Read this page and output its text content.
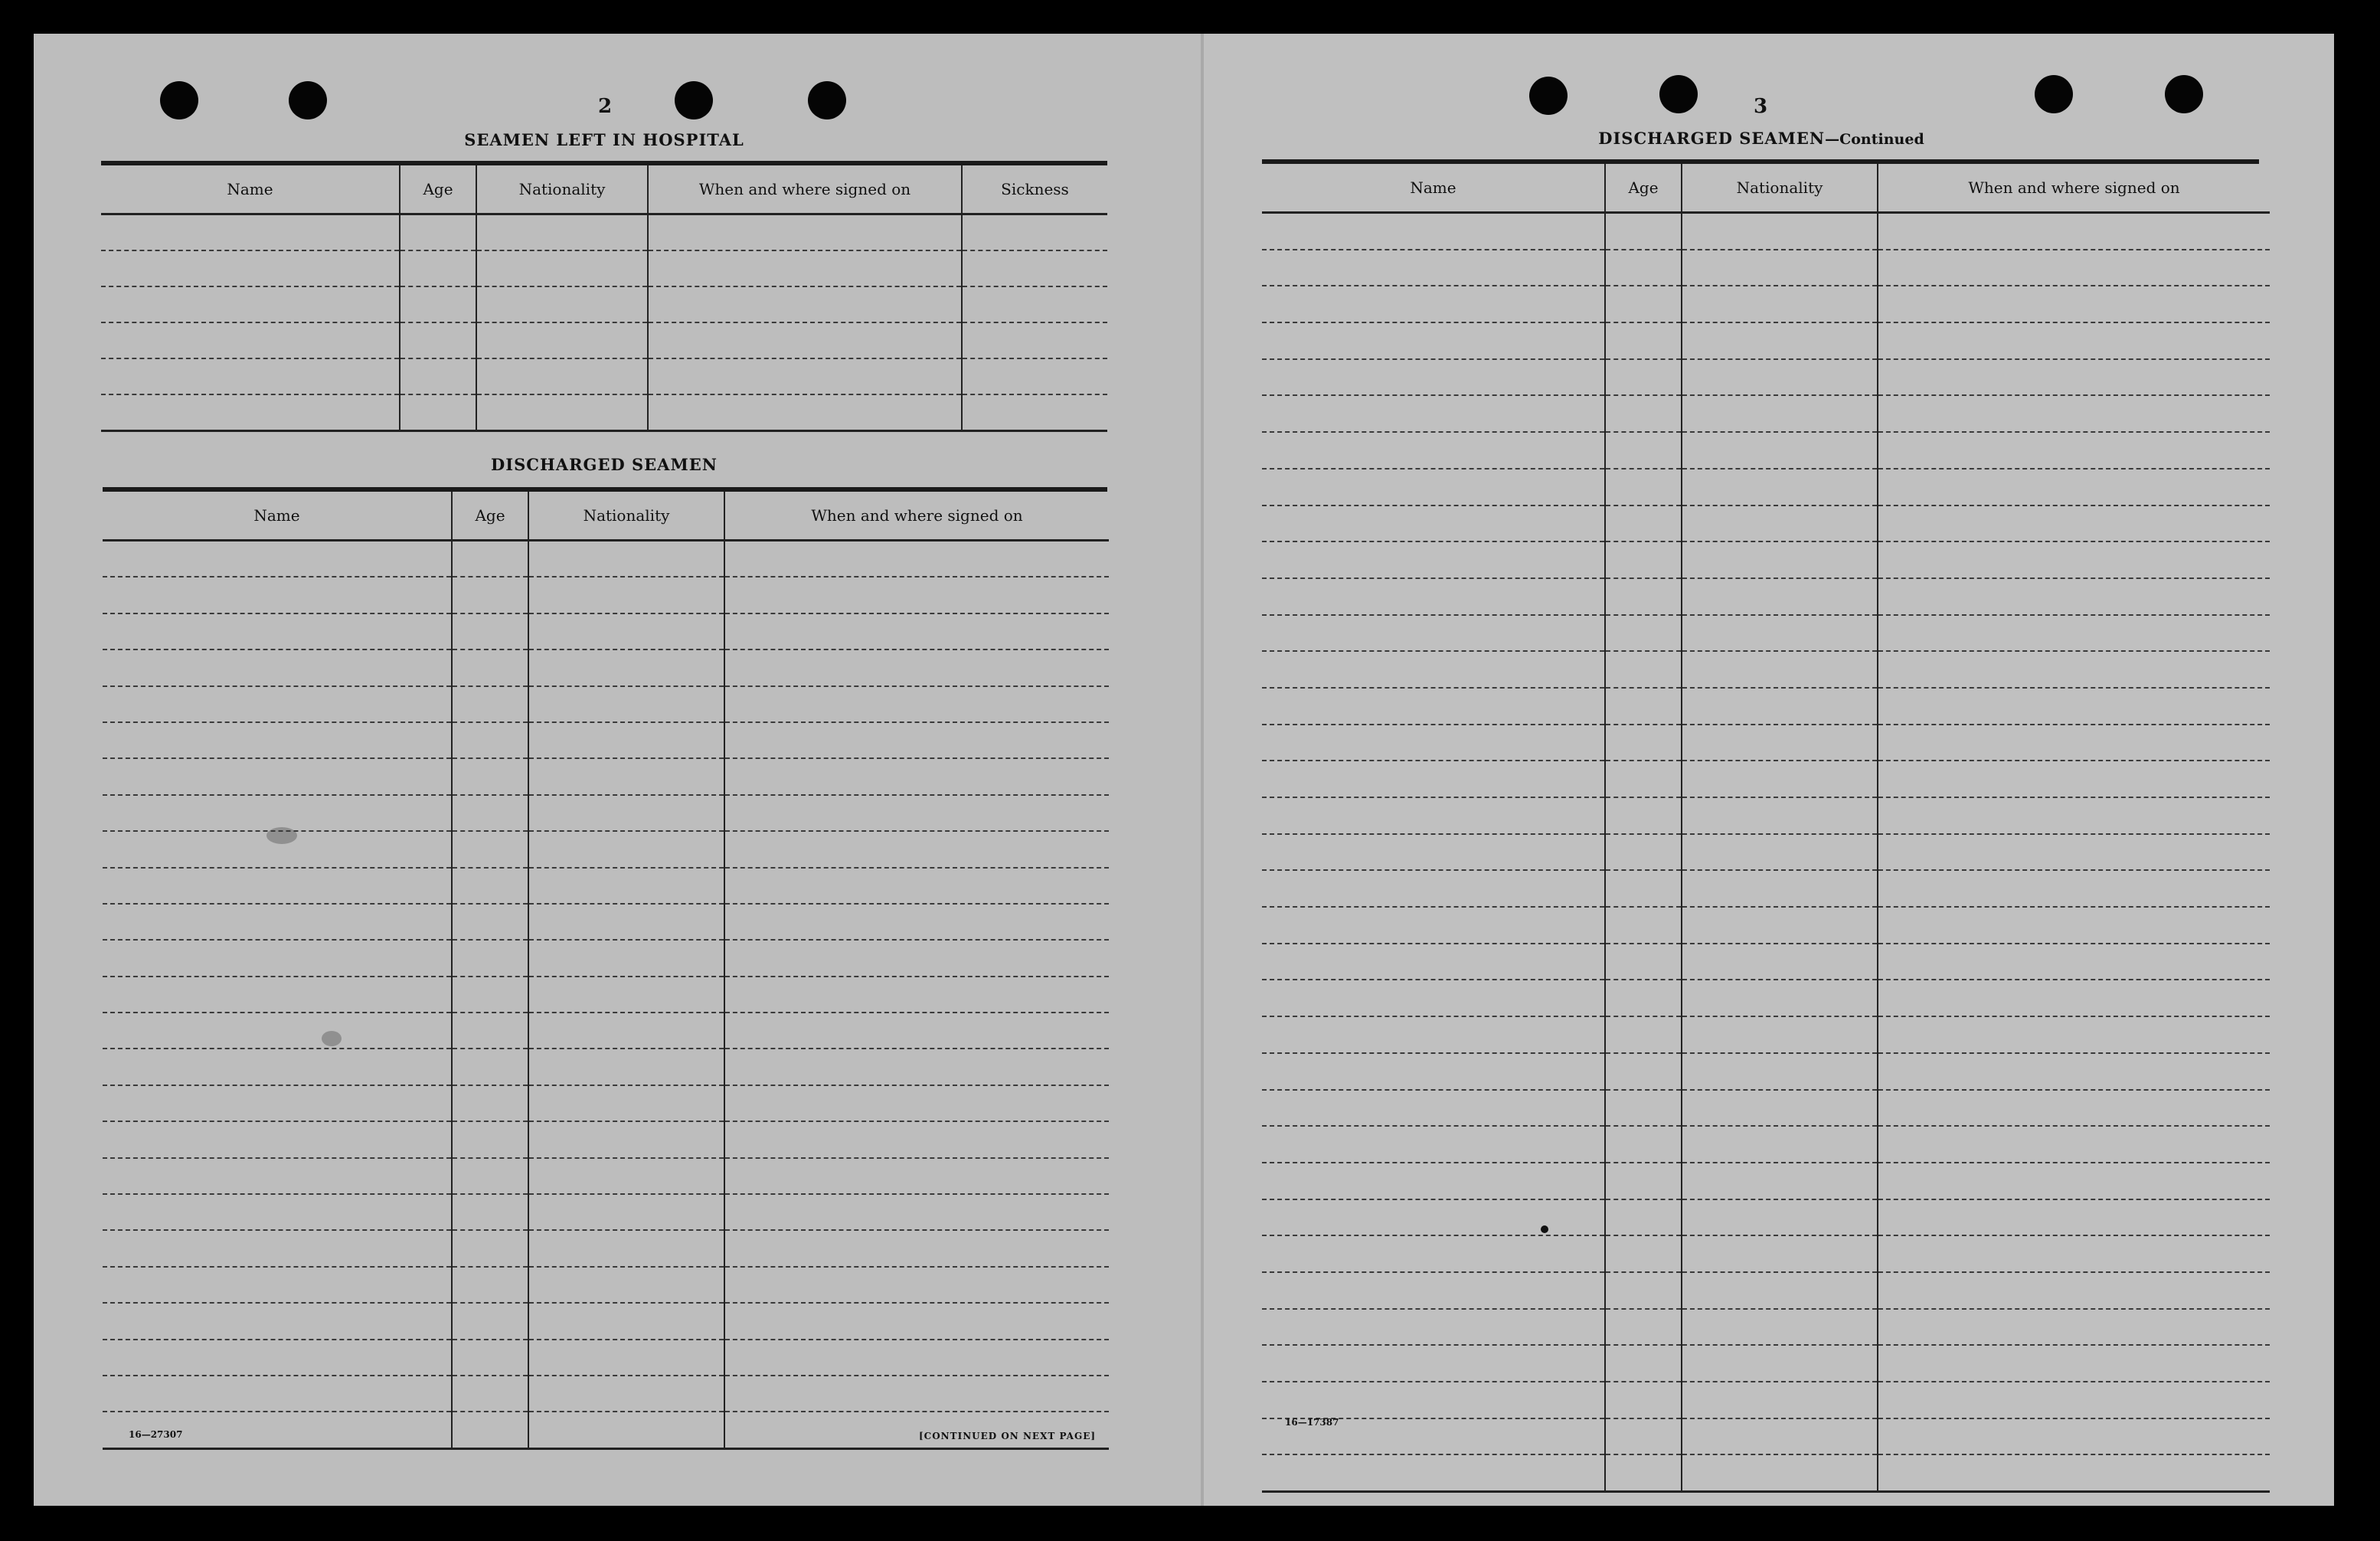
2
SEAMEN LEFT IN HOSPITAL
Name	Age	Nationality	When and where signed on	Sickness

DISCHARGED SEAMEN
Name	Age	Nationality	When and where signed on

16—27307	[CONTINUED ON NEXT PAGE]
3
DISCHARGED SEAMEN—Continued
Name	Age	Nationality	When and where signed on

16—17387
